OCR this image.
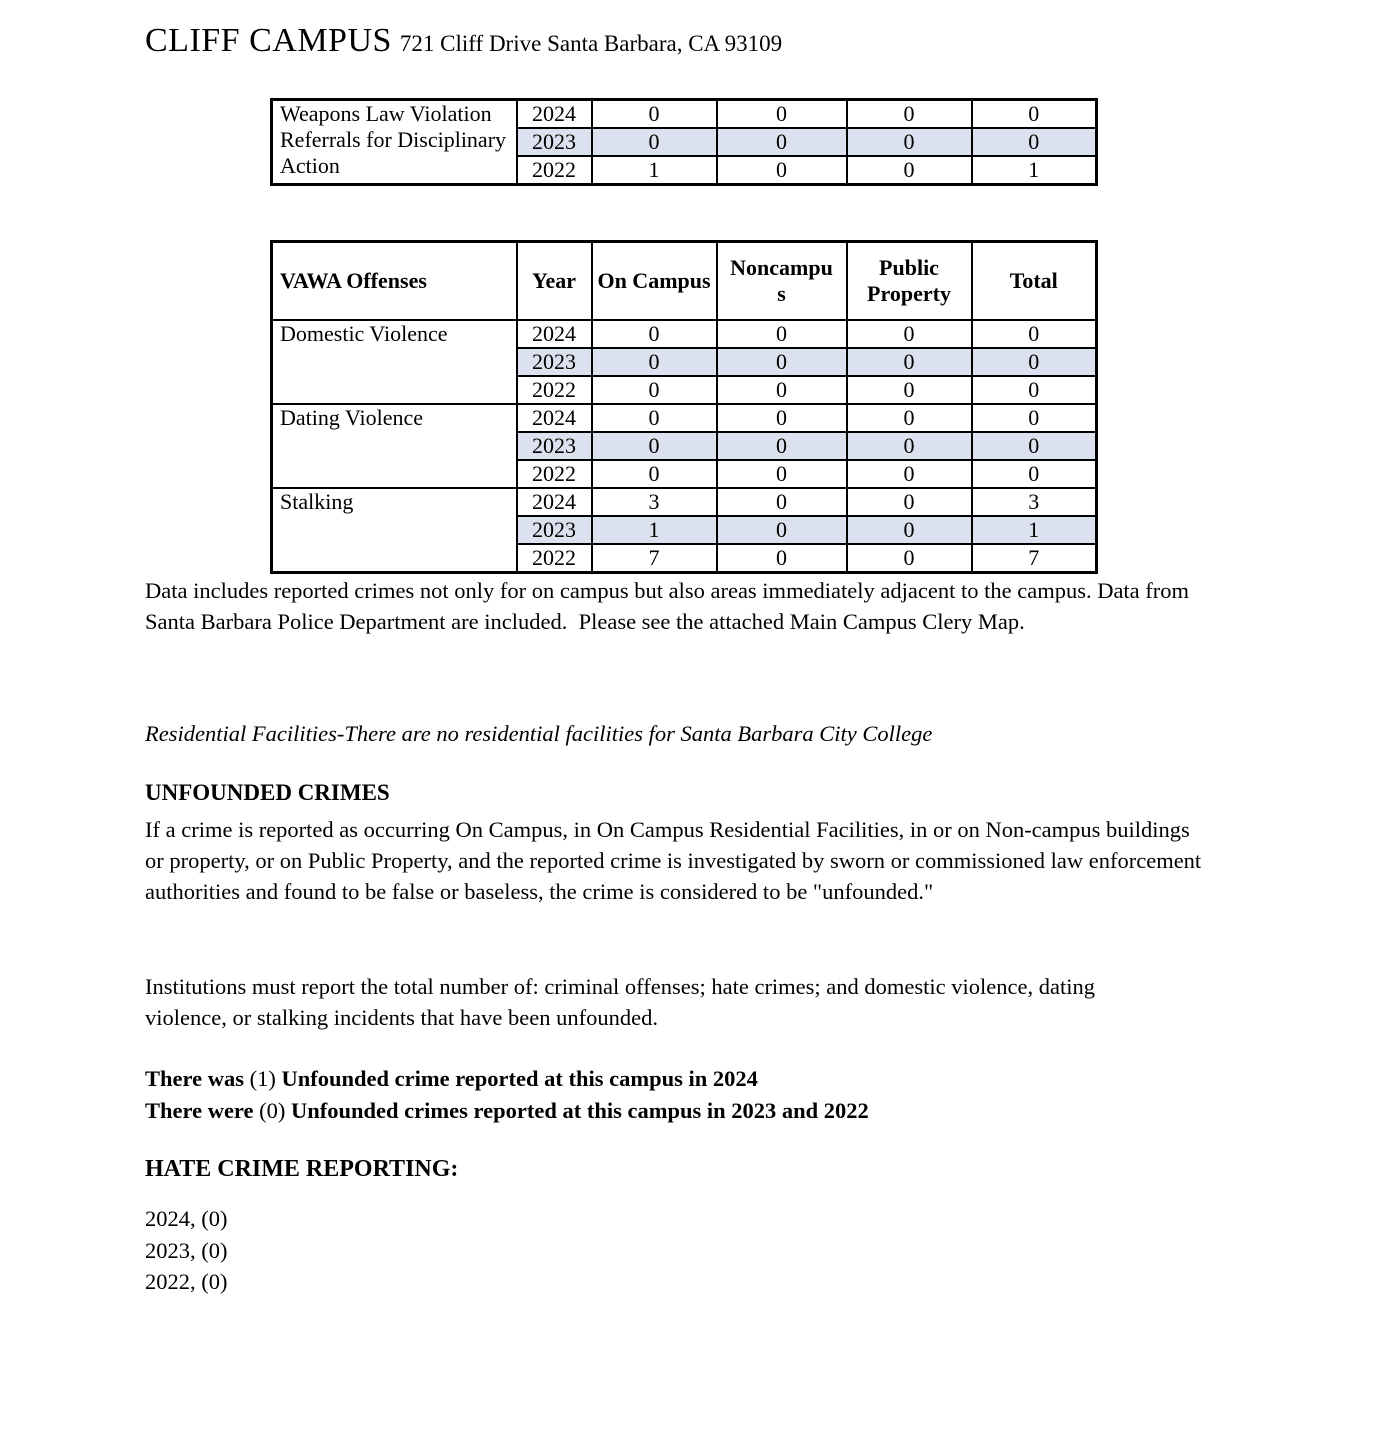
CLIFF CAMPUS 721 Cliff Drive Santa Barbara, CA 93109
Weapons Law Violation Referrals for Disciplinary Action	2024	0	0	0	0
	2023	0	0	0	0
	2022	1	0	0	1
VAWA Offenses	Year	On Campus	Noncampus	Public Property	Total
Domestic Violence	2024	0	0	0	0
	2023	0	0	0	0
	2022	0	0	0	0
Dating Violence	2024	0	0	0	0
	2023	0	0	0	0
	2022	0	0	0	0
Stalking	2024	3	0	0	3
	2023	1	0	0	1
	2022	7	0	0	7

Data includes reported crimes not only for on campus but also areas immediately adjacent to the campus. Data from Santa Barbara Police Department are included.  Please see the attached Main Campus Clery Map.

Residential Facilities-There are no residential facilities for Santa Barbara City College

UNFOUNDED CRIMES

If a crime is reported as occurring On Campus, in On Campus Residential Facilities, in or on Non-campus buildings or property, or on Public Property, and the reported crime is investigated by sworn or commissioned law enforcement authorities and found to be false or baseless, the crime is considered to be "unfounded."

Institutions must report the total number of: criminal offenses; hate crimes; and domestic violence, dating violence, or stalking incidents that have been unfounded.

There was (1) Unfounded crime reported at this campus in 2024
There were (0) Unfounded crimes reported at this campus in 2023 and 2022

HATE CRIME REPORTING:
2024, (0)
2023, (0)
2022, (0)
